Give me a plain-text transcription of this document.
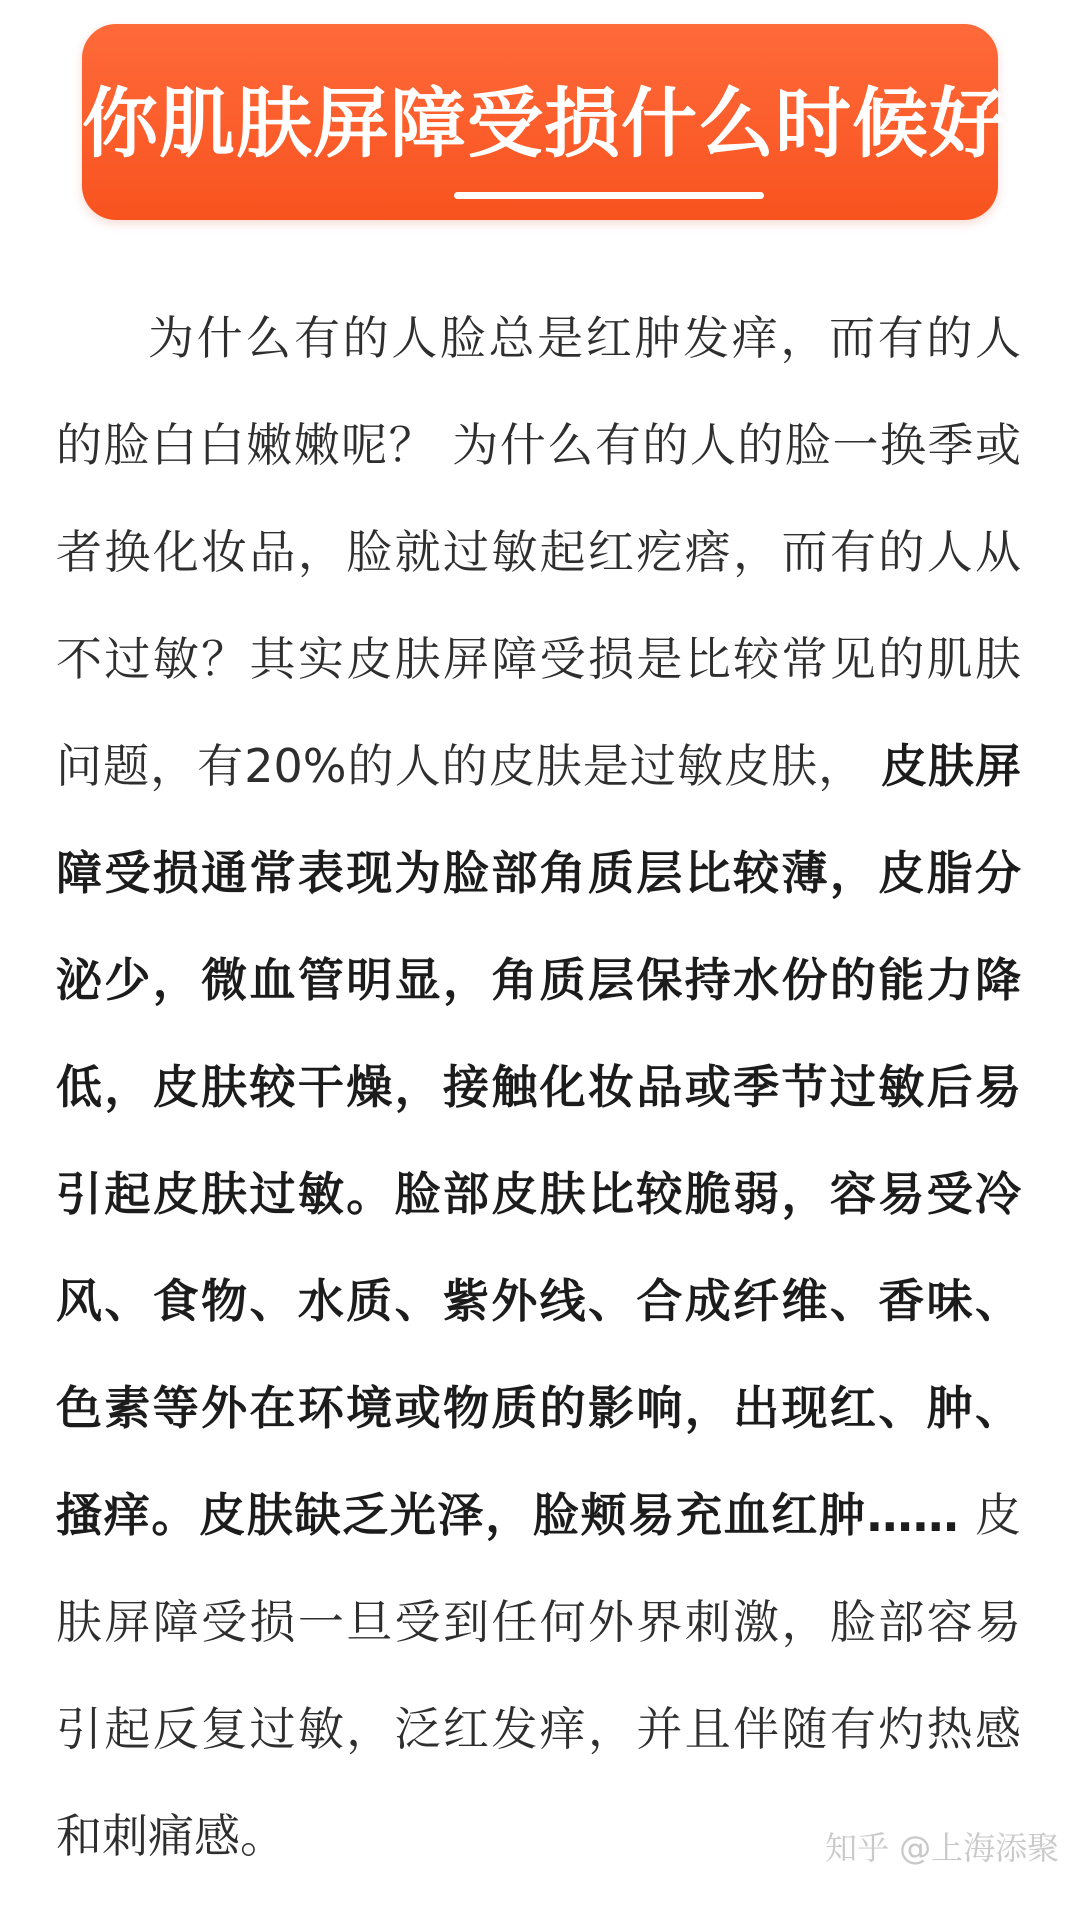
你肌肤屏障受损什么时候好?

为什么有的人脸总是红肿发痒，而有的人的脸白白嫩嫩呢？ 为什么有的人的脸一换季或者换化妆品，脸就过敏起红疙瘩，而有的人从不过敏？其实皮肤屏障受损是比较常见的肌肤问题，有20%的人的皮肤是过敏皮肤， 皮肤屏障受损通常表现为脸部角质层比较薄，皮脂分泌少，微血管明显，角质层保持水份的能力降低，皮肤较干燥，接触化妆品或季节过敏后易引起皮肤过敏。脸部皮肤比较脆弱，容易受冷风、食物、水质、紫外线、合成纤维、香味、色素等外在环境或物质的影响，出现红、肿、搔痒。皮肤缺乏光泽，脸颊易充血红肿…… 皮肤屏障受损一旦受到任何外界刺激，脸部容易引起反复过敏，泛红发痒，并且伴随有灼热感和刺痛感。	知乎 @上海添聚
